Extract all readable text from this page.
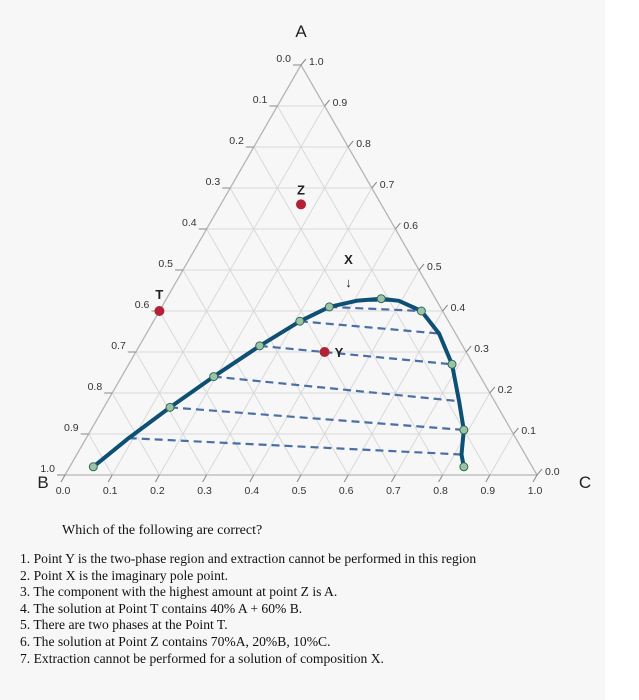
0.0
0.0 1.0
0.1
0.1	0.9
0.2
0.2	0.8
0.3
0.3	0.7
0.4
0.4	0.6
0.5
0.5	0.5
0.6
0.6	0.4
0.7
0.7	0.3
0.8
0.8	0.2
0.9
0.9	0.1
1.0
1.0	0.0
T
Z
Y
X
↓
A
B	C
Which of the following are correct?
1. Point Y is the two-phase region and extraction cannot be performed in this region
2. Point X is the imaginary pole point.
3. The component with the highest amount at point Z is A.
4. The solution at Point T contains 40% A + 60% B.
5. There are two phases at the Point T.
6. The solution at Point Z contains 70%A, 20%B, 10%C.
7. Extraction cannot be performed for a solution of composition X.
